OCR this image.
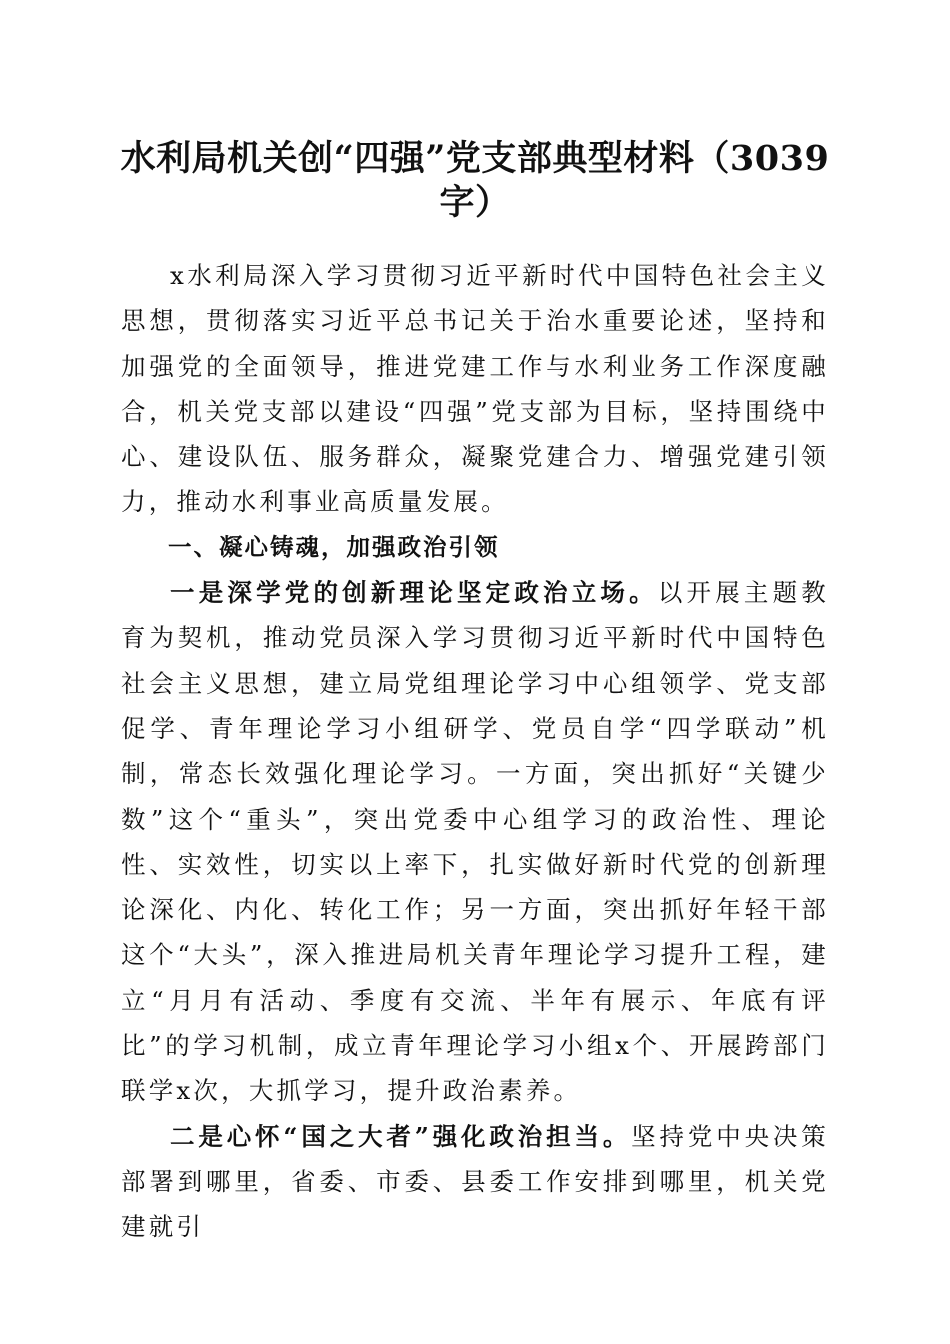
水利局机关创“四强”党支部典型材料（3039字）

x水利局深入学习贯彻习近平新时代中国特色社会主义思想，贯彻落实习近平总书记关于治水重要论述，坚持和加强党的全面领导，推进党建工作与水利业务工作深度融合，机关党支部以建设“四强”党支部为目标，坚持围绕中心、建设队伍、服务群众，凝聚党建合力、增强党建引领力，推动水利事业高质量发展。

一、凝心铸魂，加强政治引领

一是深学党的创新理论坚定政治立场。以开展主题教育为契机，推动党员深入学习贯彻习近平新时代中国特色社会主义思想，建立局党组理论学习中心组领学、党支部促学、青年理论学习小组研学、党员自学“四学联动”机制，常态长效强化理论学习。一方面，突出抓好“关键少数”这个“重头”，突出党委中心组学习的政治性、理论性、实效性，切实以上率下，扎实做好新时代党的创新理论深化、内化、转化工作；另一方面，突出抓好年轻干部这个“大头”，深入推进局机关青年理论学习提升工程，建立“月月有活动、季度有交流、半年有展示、年底有评比”的学习机制，成立青年理论学习小组x个、开展跨部门联学x次，大抓学习，提升政治素养。

二是心怀“国之大者”强化政治担当。坚持党中央决策部署到哪里，省委、市委、县委工作安排到哪里，机关党建就引
